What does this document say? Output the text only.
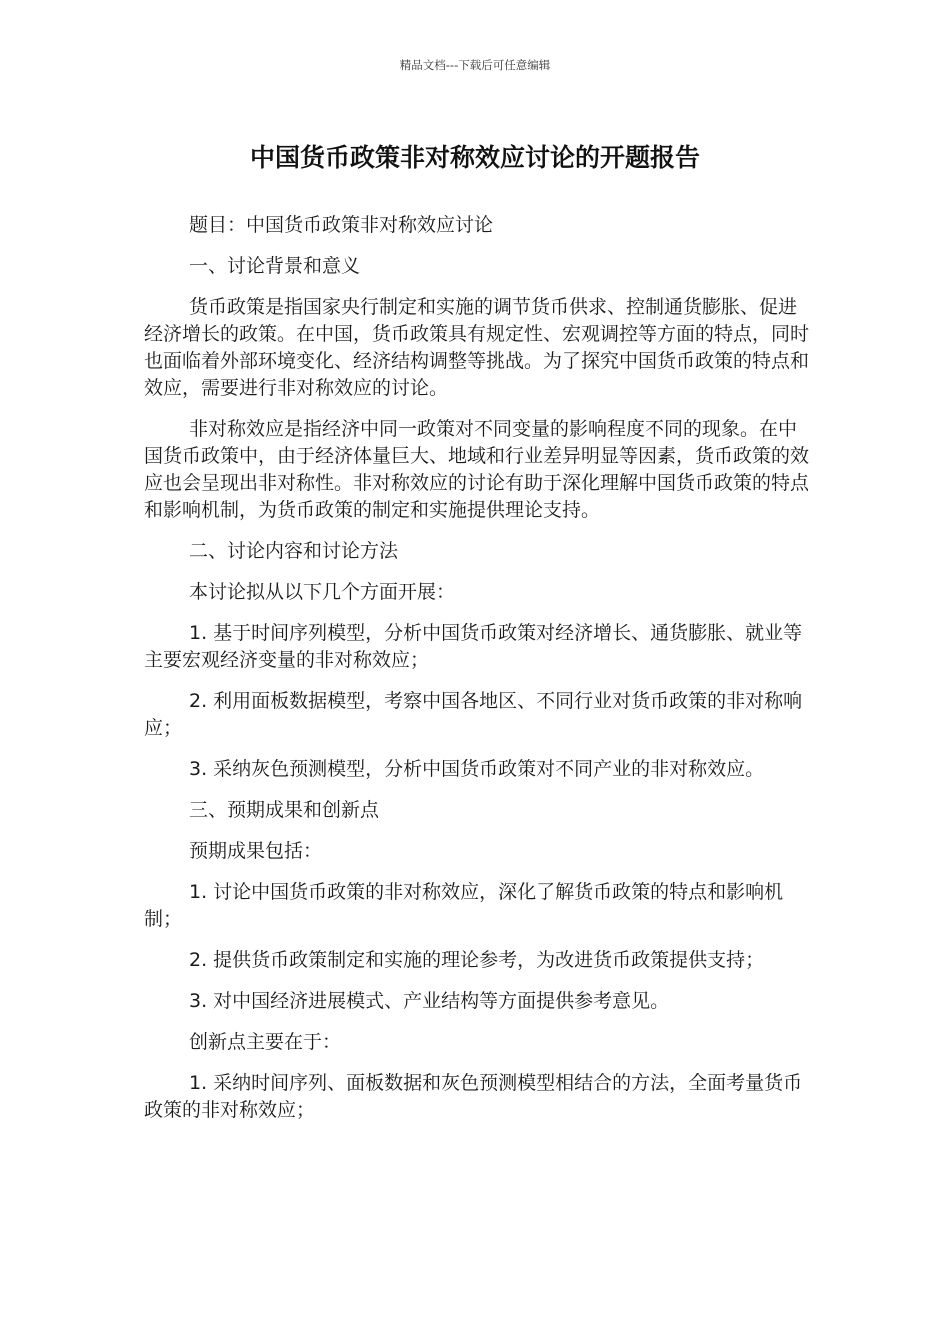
精品文档---下载后可任意编辑
中国货币政策非对称效应讨论的开题报告

题目：中国货币政策非对称效应讨论

一、讨论背景和意义

货币政策是指国家央行制定和实施的调节货币供求、控制通货膨胀、促进经济增长的政策。在中国，货币政策具有规定性、宏观调控等方面的特点，同时也面临着外部环境变化、经济结构调整等挑战。为了探究中国货币政策的特点和效应，需要进行非对称效应的讨论。

非对称效应是指经济中同一政策对不同变量的影响程度不同的现象。在中国货币政策中，由于经济体量巨大、地域和行业差异明显等因素，货币政策的效应也会呈现出非对称性。非对称效应的讨论有助于深化理解中国货币政策的特点和影响机制，为货币政策的制定和实施提供理论支持。

二、讨论内容和讨论方法

本讨论拟从以下几个方面开展：

1. 基于时间序列模型，分析中国货币政策对经济增长、通货膨胀、就业等主要宏观经济变量的非对称效应；

2. 利用面板数据模型，考察中国各地区、不同行业对货币政策的非对称响应；

3. 采纳灰色预测模型，分析中国货币政策对不同产业的非对称效应。

三、预期成果和创新点

预期成果包括：

1. 讨论中国货币政策的非对称效应，深化了解货币政策的特点和影响机制；

2. 提供货币政策制定和实施的理论参考，为改进货币政策提供支持；

3. 对中国经济进展模式、产业结构等方面提供参考意见。

创新点主要在于：

1. 采纳时间序列、面板数据和灰色预测模型相结合的方法，全面考量货币政策的非对称效应；
